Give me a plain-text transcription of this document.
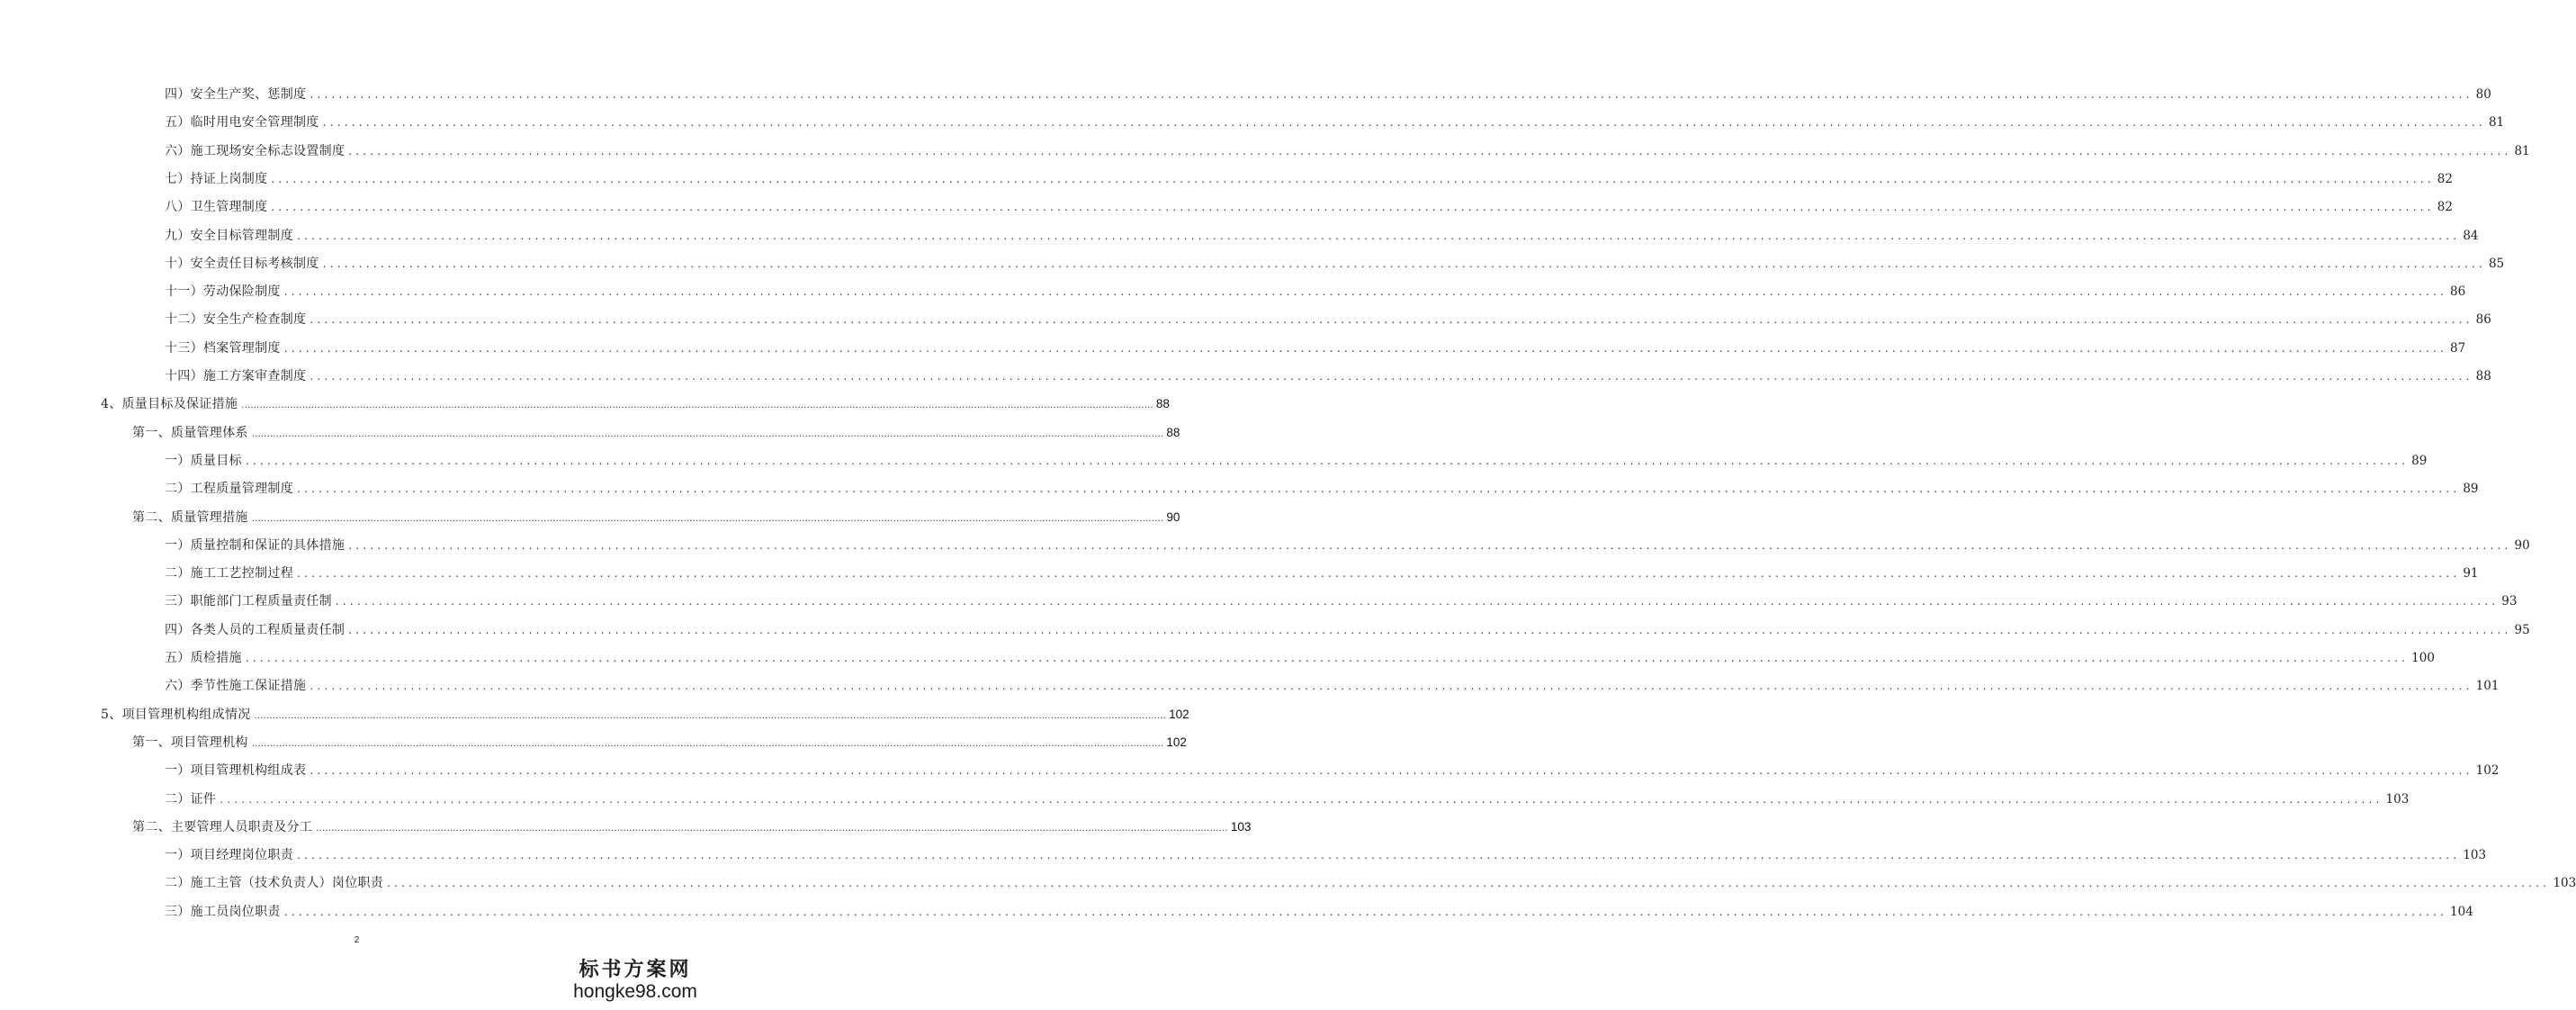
四）安全生产奖、惩制度 ............................................................................................................................................................................................................................................................................................................ 80
五）临时用电安全管理制度 ............................................................................................................................................................................................................................................................................................................ 81
六）施工现场安全标志设置制度 ............................................................................................................................................................................................................................................................................................................ 81
七）持证上岗制度 ............................................................................................................................................................................................................................................................................................................ 82
八）卫生管理制度 ............................................................................................................................................................................................................................................................................................................ 82
九）安全目标管理制度 ............................................................................................................................................................................................................................................................................................................ 84
十）安全责任目标考核制度 ............................................................................................................................................................................................................................................................................................................ 85
十一）劳动保险制度 ............................................................................................................................................................................................................................................................................................................ 86
十二）安全生产检查制度 ............................................................................................................................................................................................................................................................................................................ 86
十三）档案管理制度 ............................................................................................................................................................................................................................................................................................................ 87
十四）施工方案审查制度 ............................................................................................................................................................................................................................................................................................................ 88
4、质量目标及保证措施 ............................................................................................................................................................................................................................................................................................................ 88
第一、质量管理体系 ............................................................................................................................................................................................................................................................................................................ 88
一）质量目标 ............................................................................................................................................................................................................................................................................................................ 89
二）工程质量管理制度 ............................................................................................................................................................................................................................................................................................................ 89
第二、质量管理措施 ............................................................................................................................................................................................................................................................................................................ 90
一）质量控制和保证的具体措施 ............................................................................................................................................................................................................................................................................................................ 90
二）施工工艺控制过程 ............................................................................................................................................................................................................................................................................................................ 91
三）职能部门工程质量责任制 ............................................................................................................................................................................................................................................................................................................ 93
四）各类人员的工程质量责任制 ............................................................................................................................................................................................................................................................................................................ 95
五）质检措施 ............................................................................................................................................................................................................................................................................................................ 100
六）季节性施工保证措施 ............................................................................................................................................................................................................................................................................................................ 101
5、项目管理机构组成情况 ............................................................................................................................................................................................................................................................................................................ 102
第一、项目管理机构 ............................................................................................................................................................................................................................................................................................................ 102
一）项目管理机构组成表 ............................................................................................................................................................................................................................................................................................................ 102
二）证件 ............................................................................................................................................................................................................................................................................................................ 103
第二、主要管理人员职责及分工 ............................................................................................................................................................................................................................................................................................................ 103
一）项目经理岗位职责 ............................................................................................................................................................................................................................................................................................................ 103
二）施工主管（技术负责人）岗位职责 ............................................................................................................................................................................................................................................................................................................ 103
三）施工员岗位职责 ............................................................................................................................................................................................................................................................................................................ 104
2
标书方案网
hongke98.com
